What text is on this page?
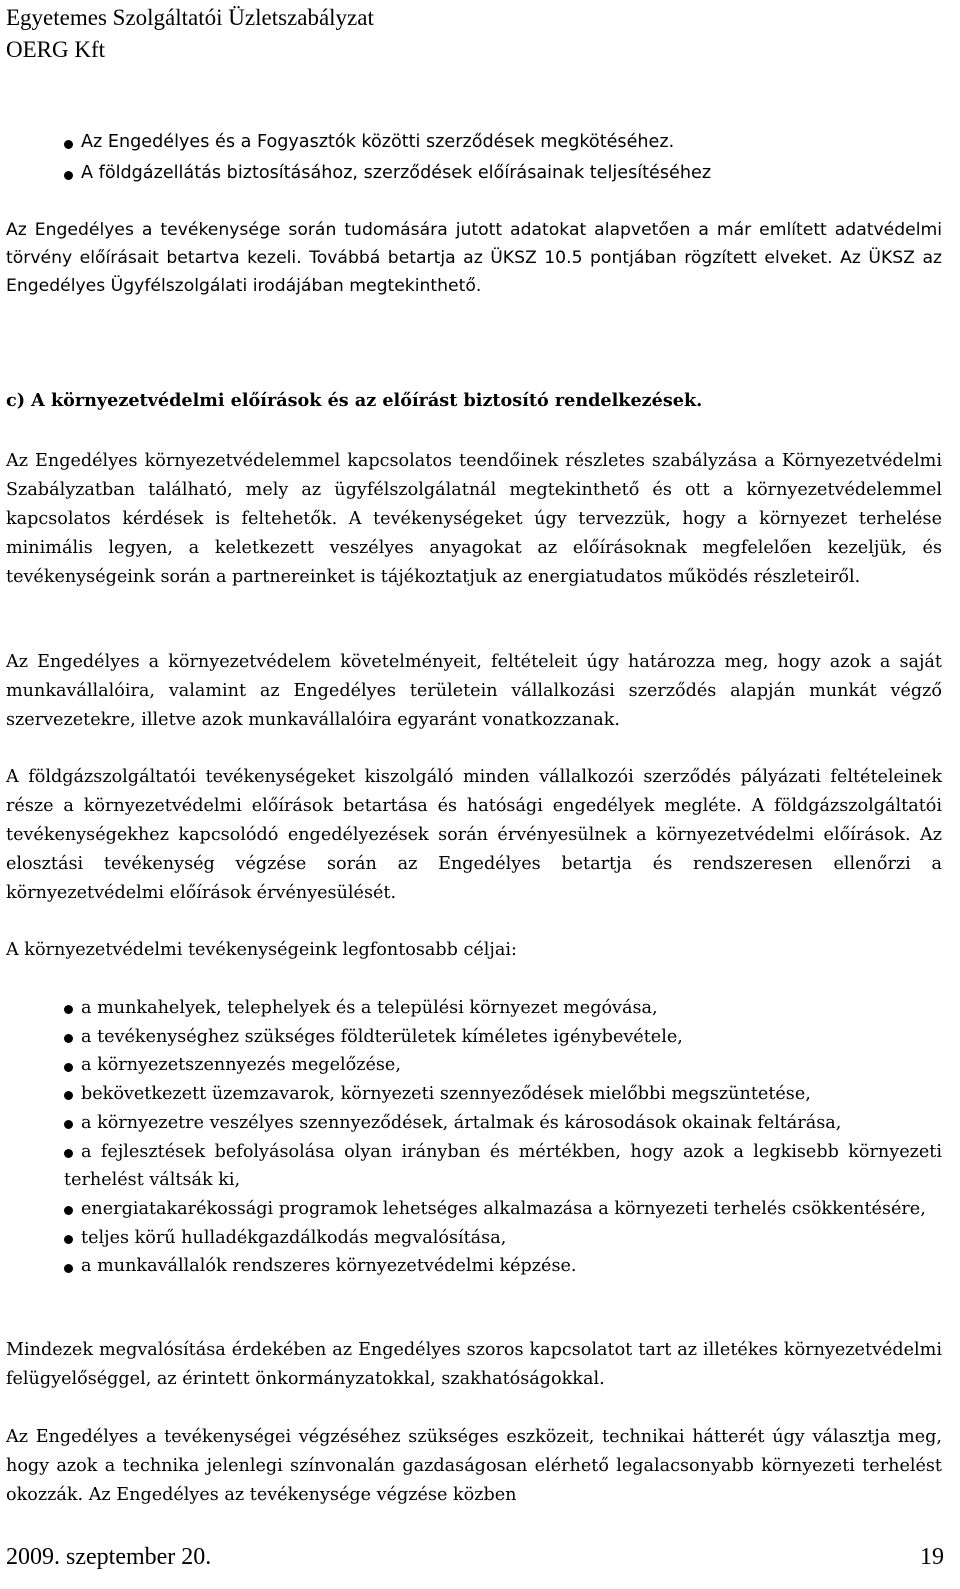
Egyetemes Szolgáltatói Üzletszabályzat
OERG Kft
Az Engedélyes és a Fogyasztók közötti szerződések megkötéséhez.
A földgázellátás biztosításához, szerződések előírásainak teljesítéséhez

Az Engedélyes a tevékenysége során tudomására jutott adatokat alapvetően a már említett adatvédelmi törvény előírásait betartva kezeli. Továbbá betartja az ÜKSZ 10.5 pontjában rögzített elveket. Az ÜKSZ az Engedélyes Ügyfélszolgálati irodájában megtekinthető.

c) A környezetvédelmi előírások és az előírást biztosító rendelkezések.

Az Engedélyes környezetvédelemmel kapcsolatos teendőinek részletes szabályzása a Környezetvédelmi Szabályzatban található, mely az ügyfélszolgálatnál megtekinthető és ott a környezetvédelemmel kapcsolatos kérdések is feltehetők. A tevékenységeket úgy tervezzük, hogy a környezet terhelése minimális legyen, a keletkezett veszélyes anyagokat az előírásoknak megfelelően kezeljük, és tevékenységeink során a partnereinket is tájékoztatjuk az energiatudatos működés részleteiről.

Az Engedélyes a környezetvédelem követelményeit, feltételeit úgy határozza meg, hogy azok a saját munkavállalóira, valamint az Engedélyes területein vállalkozási szerződés alapján munkát végző szervezetekre, illetve azok munkavállalóira egyaránt vonatkozzanak.

A földgázszolgáltatói tevékenységeket kiszolgáló minden vállalkozói szerződés pályázati feltételeinek része a környezetvédelmi előírások betartása és hatósági engedélyek megléte. A földgázszolgáltatói tevékenységekhez kapcsolódó engedélyezések során érvényesülnek a környezetvédelmi előírások. Az elosztási tevékenység végzése során az Engedélyes betartja és rendszeresen ellenőrzi a környezetvédelmi előírások érvényesülését.

A környezetvédelmi tevékenységeink legfontosabb céljai:
a munkahelyek, telephelyek és a települési környezet megóvása,
a tevékenységhez szükséges földterületek kíméletes igénybevétele,
a környezetszennyezés megelőzése,
bekövetkezett üzemzavarok, környezeti szennyeződések mielőbbi megszüntetése,
a környezetre veszélyes szennyeződések, ártalmak és károsodások okainak feltárása,
a fejlesztések befolyásolása olyan irányban és mértékben, hogy azok a legkisebb környezeti terhelést váltsák ki,
energiatakarékossági programok lehetséges alkalmazása a környezeti terhelés csökkentésére,
teljes körű hulladékgazdálkodás megvalósítása,
a munkavállalók rendszeres környezetvédelmi képzése.

Mindezek megvalósítása érdekében az Engedélyes szoros kapcsolatot tart az illetékes környezetvédelmi felügyelőséggel, az érintett önkormányzatokkal, szakhatóságokkal.

Az Engedélyes a tevékenységei végzéséhez szükséges eszközeit, technikai hátterét úgy választja meg, hogy azok a technika jelenlegi színvonalán gazdaságosan elérhető legalacsonyabb környezeti terhelést okozzák. Az Engedélyes az tevékenysége végzése közben

2009. szeptember 20.	19
